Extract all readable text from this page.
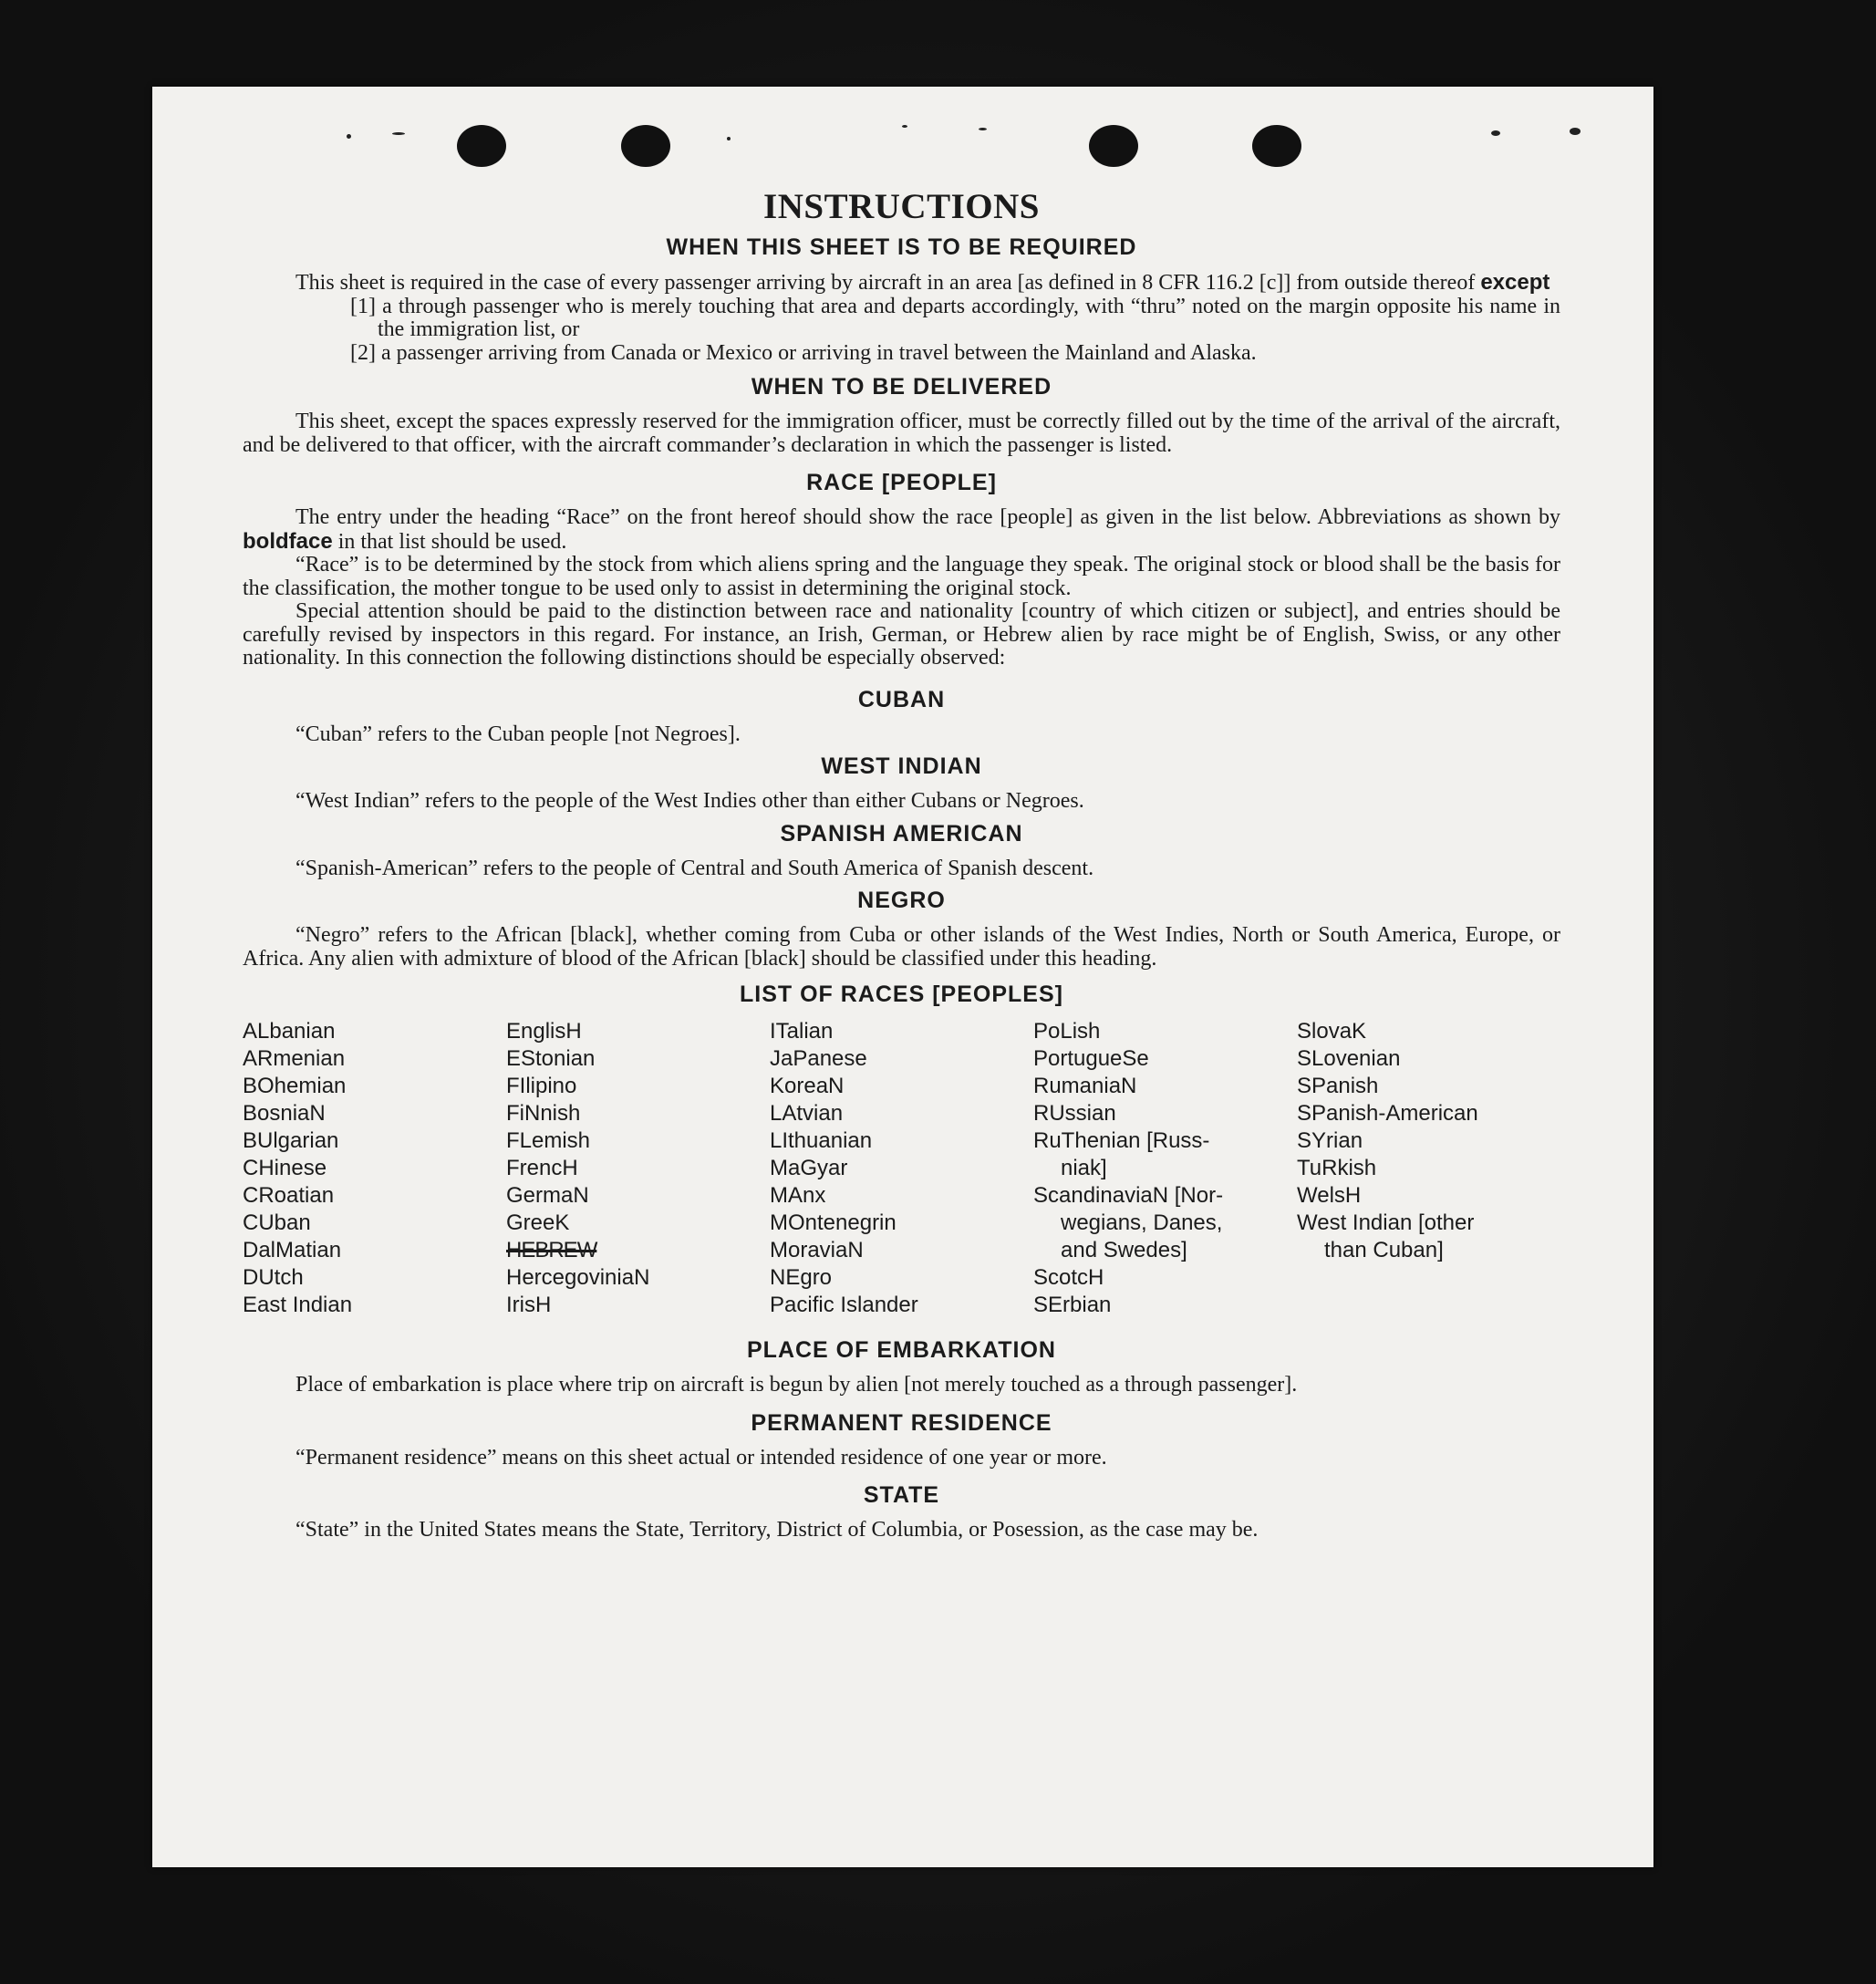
INSTRUCTIONS
WHEN THIS SHEET IS TO BE REQUIRED

This sheet is required in the case of every passenger arriving by aircraft in an area [as defined in 8 CFR 116.2 [c]] from outside thereof except

[1] a through passenger who is merely touching that area and departs accordingly, with “thru” noted on the margin opposite his name in the immigration list, or
[2] a passenger arriving from Canada or Mexico or arriving in travel between the Mainland and Alaska.
WHEN TO BE DELIVERED

This sheet, except the spaces expressly reserved for the immigration officer, must be correctly filled out by the time of the arrival of the aircraft, and be delivered to that officer, with the aircraft commander’s declaration in which the passenger is listed.

RACE [PEOPLE]

The entry under the heading “Race” on the front hereof should show the race [people] as given in the list below. Abbreviations as shown by boldface in that list should be used.

“Race” is to be determined by the stock from which aliens spring and the language they speak. The original stock or blood shall be the basis for the classification, the mother tongue to be used only to assist in determining the original stock.

Special attention should be paid to the distinction between race and nationality [country of which citizen or subject], and entries should be carefully revised by inspectors in this regard. For instance, an Irish, German, or Hebrew alien by race might be of English, Swiss, or any other nationality. In this connection the following distinctions should be especially observed:

CUBAN

“Cuban” refers to the Cuban people [not Negroes].

WEST INDIAN

“West Indian” refers to the people of the West Indies other than either Cubans or Negroes.

SPANISH AMERICAN

“Spanish-American” refers to the people of Central and South America of Spanish descent.

NEGRO

“Negro” refers to the African [black], whether coming from Cuba or other islands of the West Indies, North or South America, Europe, or Africa. Any alien with admixture of blood of the African [black] should be classified under this heading.

LIST OF RACES [PEOPLES]
ALbanian
ARmenian
BOhemian
BosniaN
BUlgarian
CHinese
CRoatian
CUban
DalMatian
DUtch
East Indian
EnglisH
EStonian
FIlipino
FiNnish
FLemish
FrencH
GermaN
GreeK
HEBREW
HercegoviniaN
IrisH
ITalian
JaPanese
KoreaN
LAtvian
LIthuanian
MaGyar
MAnx
MOntenegrin
MoraviaN
NEgro
Pacific Islander
PoLish
PortugueSe
RumaniaN
RUssian
RuThenian [Russ-
niak]
ScandinaviaN [Nor-
wegians, Danes,
and Swedes]
ScotcH
SErbian
SlovaK
SLovenian
SPanish
SPanish-American
SYrian
TuRkish
WelsH
West Indian [other
than Cuban]
PLACE OF EMBARKATION

Place of embarkation is place where trip on aircraft is begun by alien [not merely touched as a through passenger].

PERMANENT RESIDENCE

“Permanent residence” means on this sheet actual or intended residence of one year or more.

STATE

“State” in the United States means the State, Territory, District of Columbia, or Posession, as the case may be.
